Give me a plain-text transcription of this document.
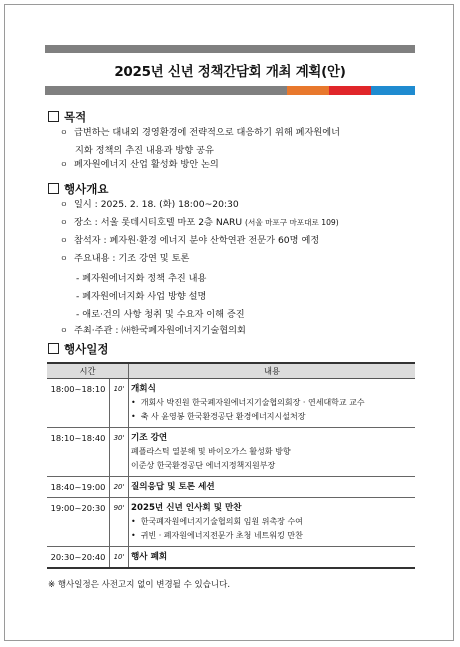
2025년 신년 정책간담회 개최 계획(안)
목적
ㅇ 급변하는 대내외 경영환경에 전략적으로 대응하기 위해 폐자원에너
지화 정책의 추진 내용과 방향 공유
ㅇ 폐자원에너지 산업 활성화 방안 논의
행사개요
ㅇ 일시 : 2025. 2. 18. (화) 18:00~20:30
ㅇ 장소 : 서울 롯데시티호텔 마포 2층 NARU (서울 마포구 마포대로 109)
ㅇ 참석자 : 폐자원·환경 에너지 분야 산학연관 전문가 60명 예정
ㅇ 주요내용 : 기조 강연 및 토론
- 폐자원에너지화 정책 추진 내용
- 폐자원에너지화 사업 방향 설명
- 애로·건의 사항 청취 및 수요자 이해 증진
ㅇ 주최·주관 : ㈔한국폐자원에너지기술협의회
행사일정
시간		내용
18:00~18:10	10'	개회식
• 개회사 박진원 한국폐자원에너지기술협의회장 · 연세대학교 교수
• 축 사 윤영봉 한국환경공단 환경에너지시설처장

18:10~18:40	30'	기조 강연
폐플라스틱 열분해 및 바이오가스 활성화 방향
이준상 한국환경공단 에너지정책지원부장

18:40~19:00	20'	질의응답 및 토론 세션

19:00~20:30	90'	2025년 신년 인사회 및 만찬
• 한국폐자원에너지기술협의회 임원 위촉장 수여
• 귀빈 · 폐자원에너지전문가 초청 네트워킹 만찬

20:30~20:40	10'	행사 폐회
※ 행사일정은 사전고지 없이 변경될 수 있습니다.
